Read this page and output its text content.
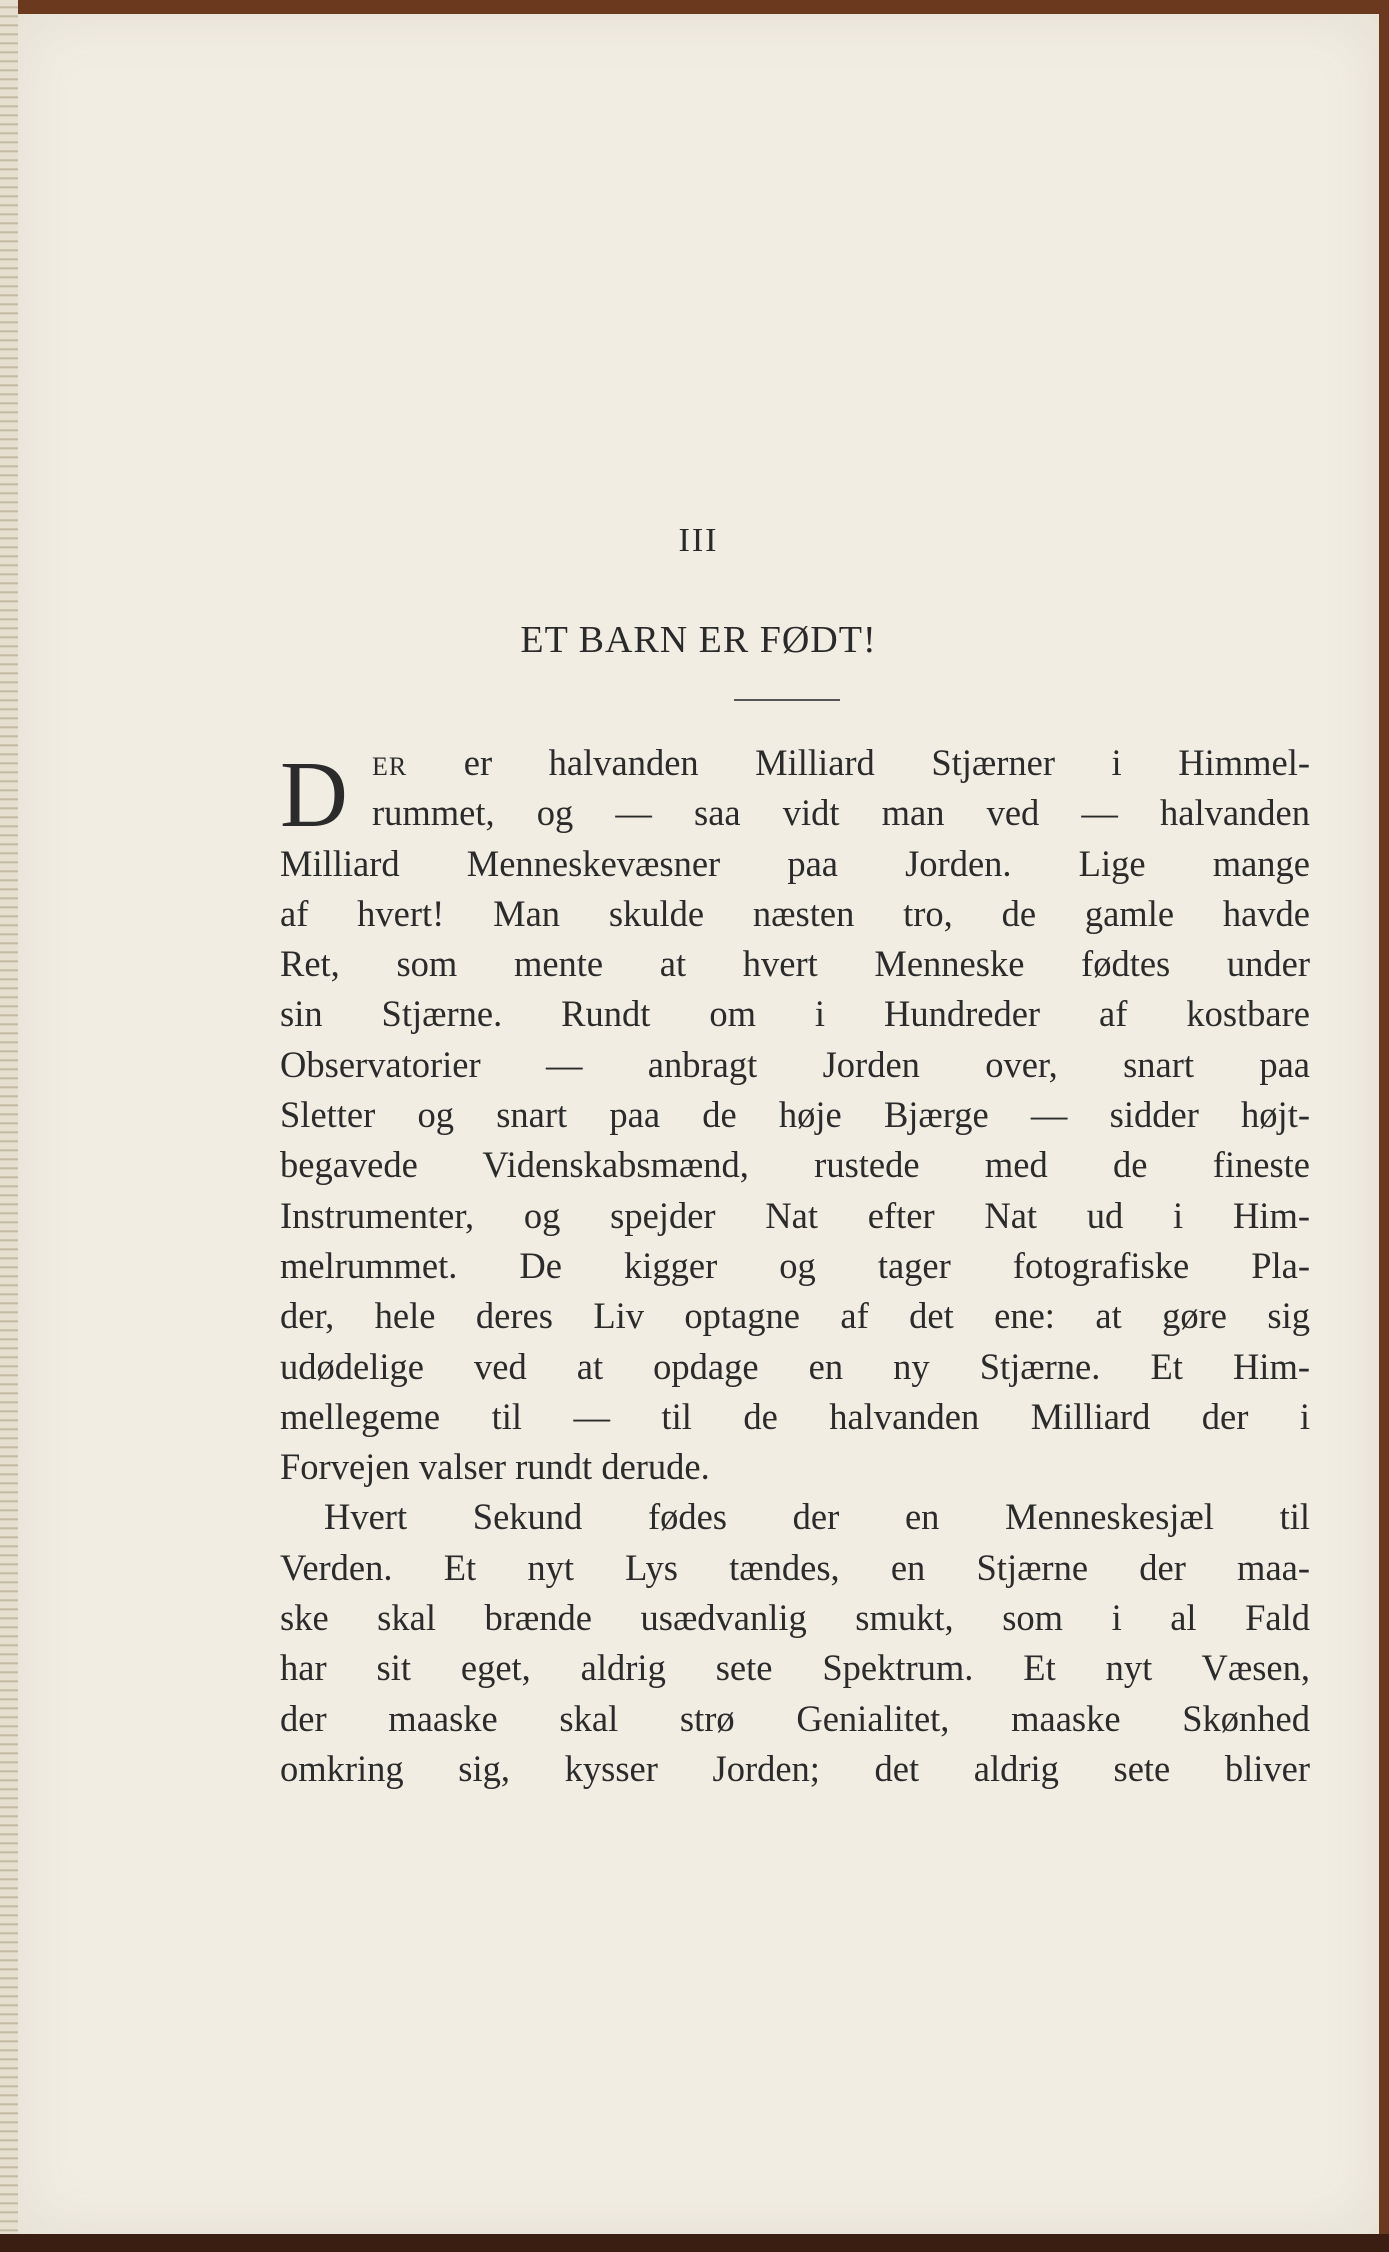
III
ET BARN ER FØDT!
D ER er halvanden Milliard Stjærner i Himmel-
rummet, og — saa vidt man ved — halvanden
Milliard Menneskevæsner paa Jorden. Lige mange
af hvert! Man skulde næsten tro, de gamle havde
Ret, som mente at hvert Menneske fødtes under
sin Stjærne. Rundt om i Hundreder af kostbare
Observatorier — anbragt Jorden over, snart paa
Sletter og snart paa de høje Bjærge — sidder højt-
begavede Videnskabsmænd, rustede med de fineste
Instrumenter, og spejder Nat efter Nat ud i Him-
melrummet. De kigger og tager fotografiske Pla-
der, hele deres Liv optagne af det ene: at gøre sig
udødelige ved at opdage en ny Stjærne. Et Him-
mellegeme til — til de halvanden Milliard der i
Forvejen valser rundt derude.
Hvert Sekund fødes der en Menneskesjæl til
Verden. Et nyt Lys tændes, en Stjærne der maa-
ske skal brænde usædvanlig smukt, som i al Fald
har sit eget, aldrig sete Spektrum. Et nyt Væsen,
der maaske skal strø Genialitet, maaske Skønhed
omkring sig, kysser Jorden; det aldrig sete bliver
